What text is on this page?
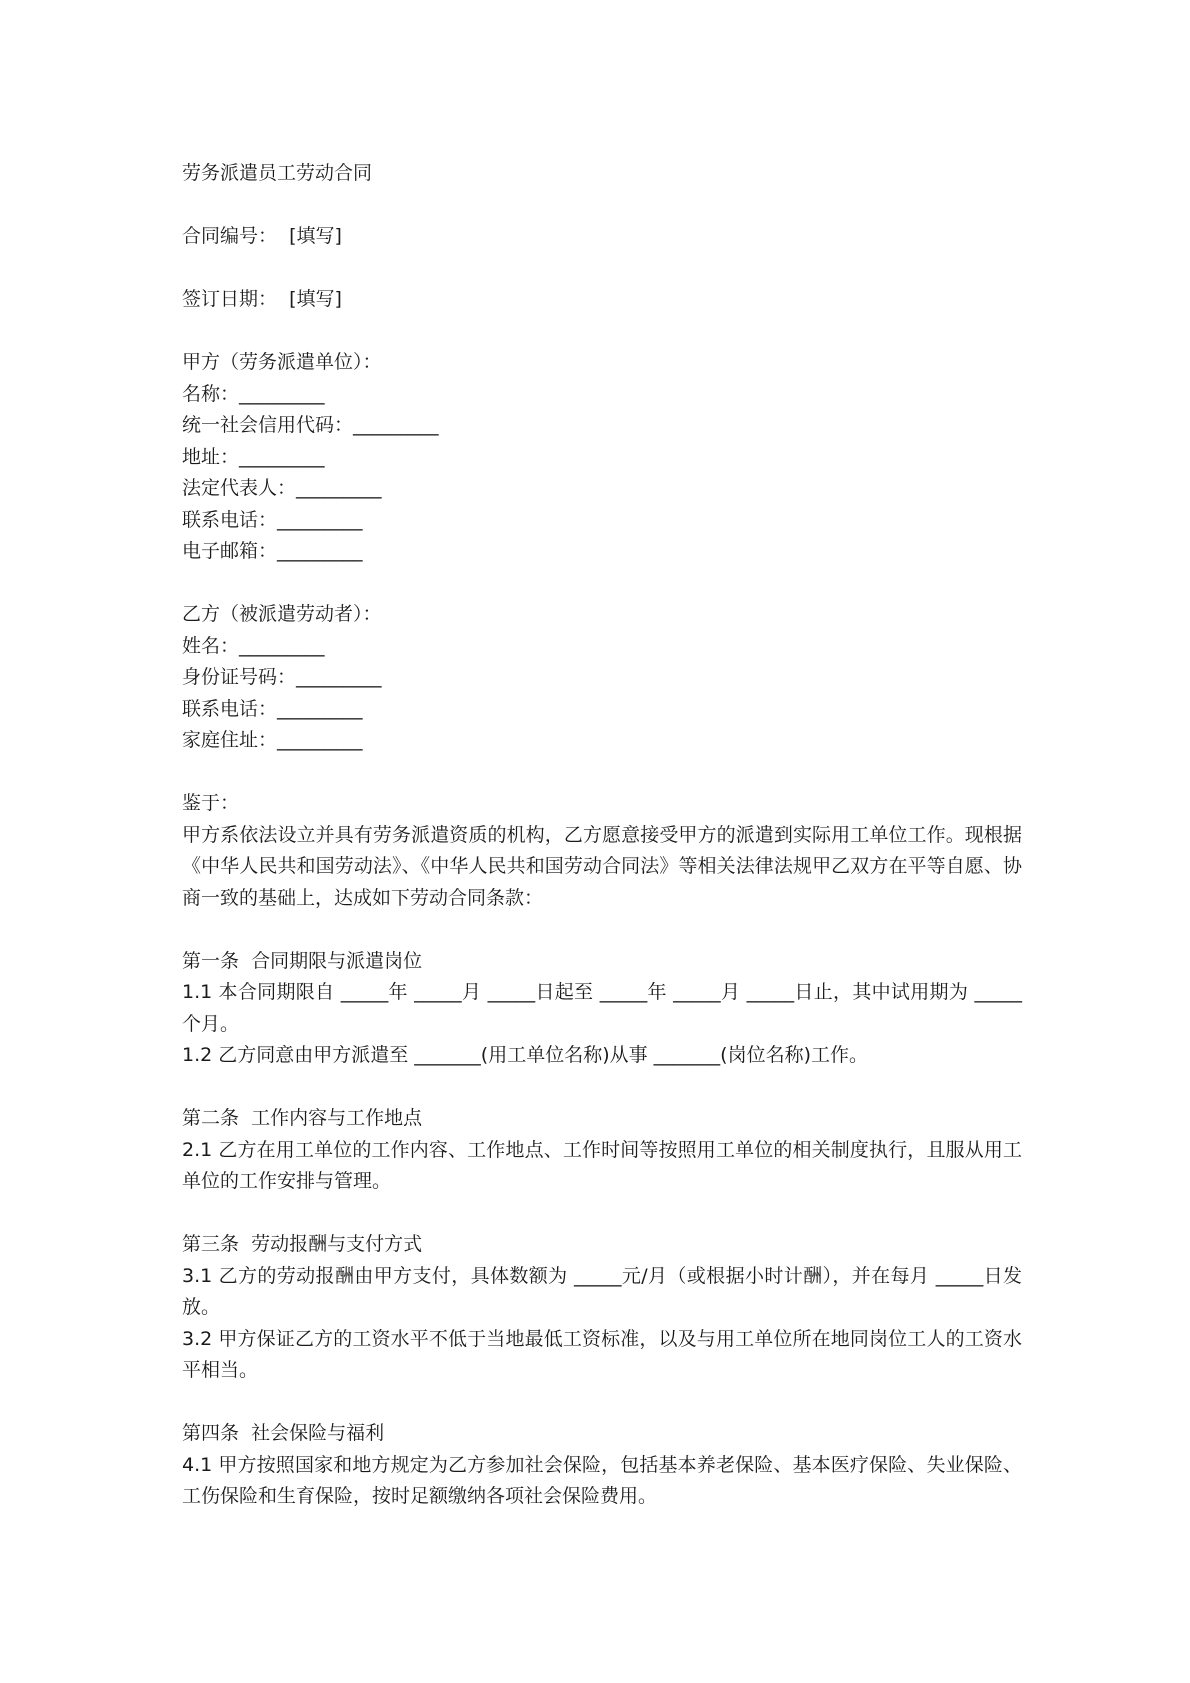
劳务派遣员工劳动合同
合同编号：  [填写]
签订日期：  [填写]
甲方（劳务派遣单位）：
名称：_________
统一社会信用代码：_________
地址：_________
法定代表人：_________
联系电话：_________
电子邮箱：_________
乙方（被派遣劳动者）：
姓名：_________
身份证号码：_________
联系电话：_________
家庭住址：_________
鉴于：
甲方系依法设立并具有劳务派遣资质的机构，乙方愿意接受甲方的派遣到实际用工单位工作。现根据《中华人民共和国劳动法》、《中华人民共和国劳动合同法》等相关法律法规甲乙双方在平等自愿、协商一致的基础上，达成如下劳动合同条款：
第一条  合同期限与派遣岗位
1.1 本合同期限自 _____年 _____月 _____日起至 _____年 _____月 _____日止，其中试用期为 _____个月。
1.2 乙方同意由甲方派遣至 _______(用工单位名称)从事 _______(岗位名称)工作。
第二条  工作内容与工作地点
2.1 乙方在用工单位的工作内容、工作地点、工作时间等按照用工单位的相关制度执行，且服从用工单位的工作安排与管理。
第三条  劳动报酬与支付方式
3.1 乙方的劳动报酬由甲方支付，具体数额为 _____元/月（或根据小时计酬），并在每月 _____日发放。
3.2 甲方保证乙方的工资水平不低于当地最低工资标准，以及与用工单位所在地同岗位工人的工资水平相当。
第四条  社会保险与福利
4.1 甲方按照国家和地方规定为乙方参加社会保险，包括基本养老保险、基本医疗保险、失业保险、工伤保险和生育保险，按时足额缴纳各项社会保险费用。
